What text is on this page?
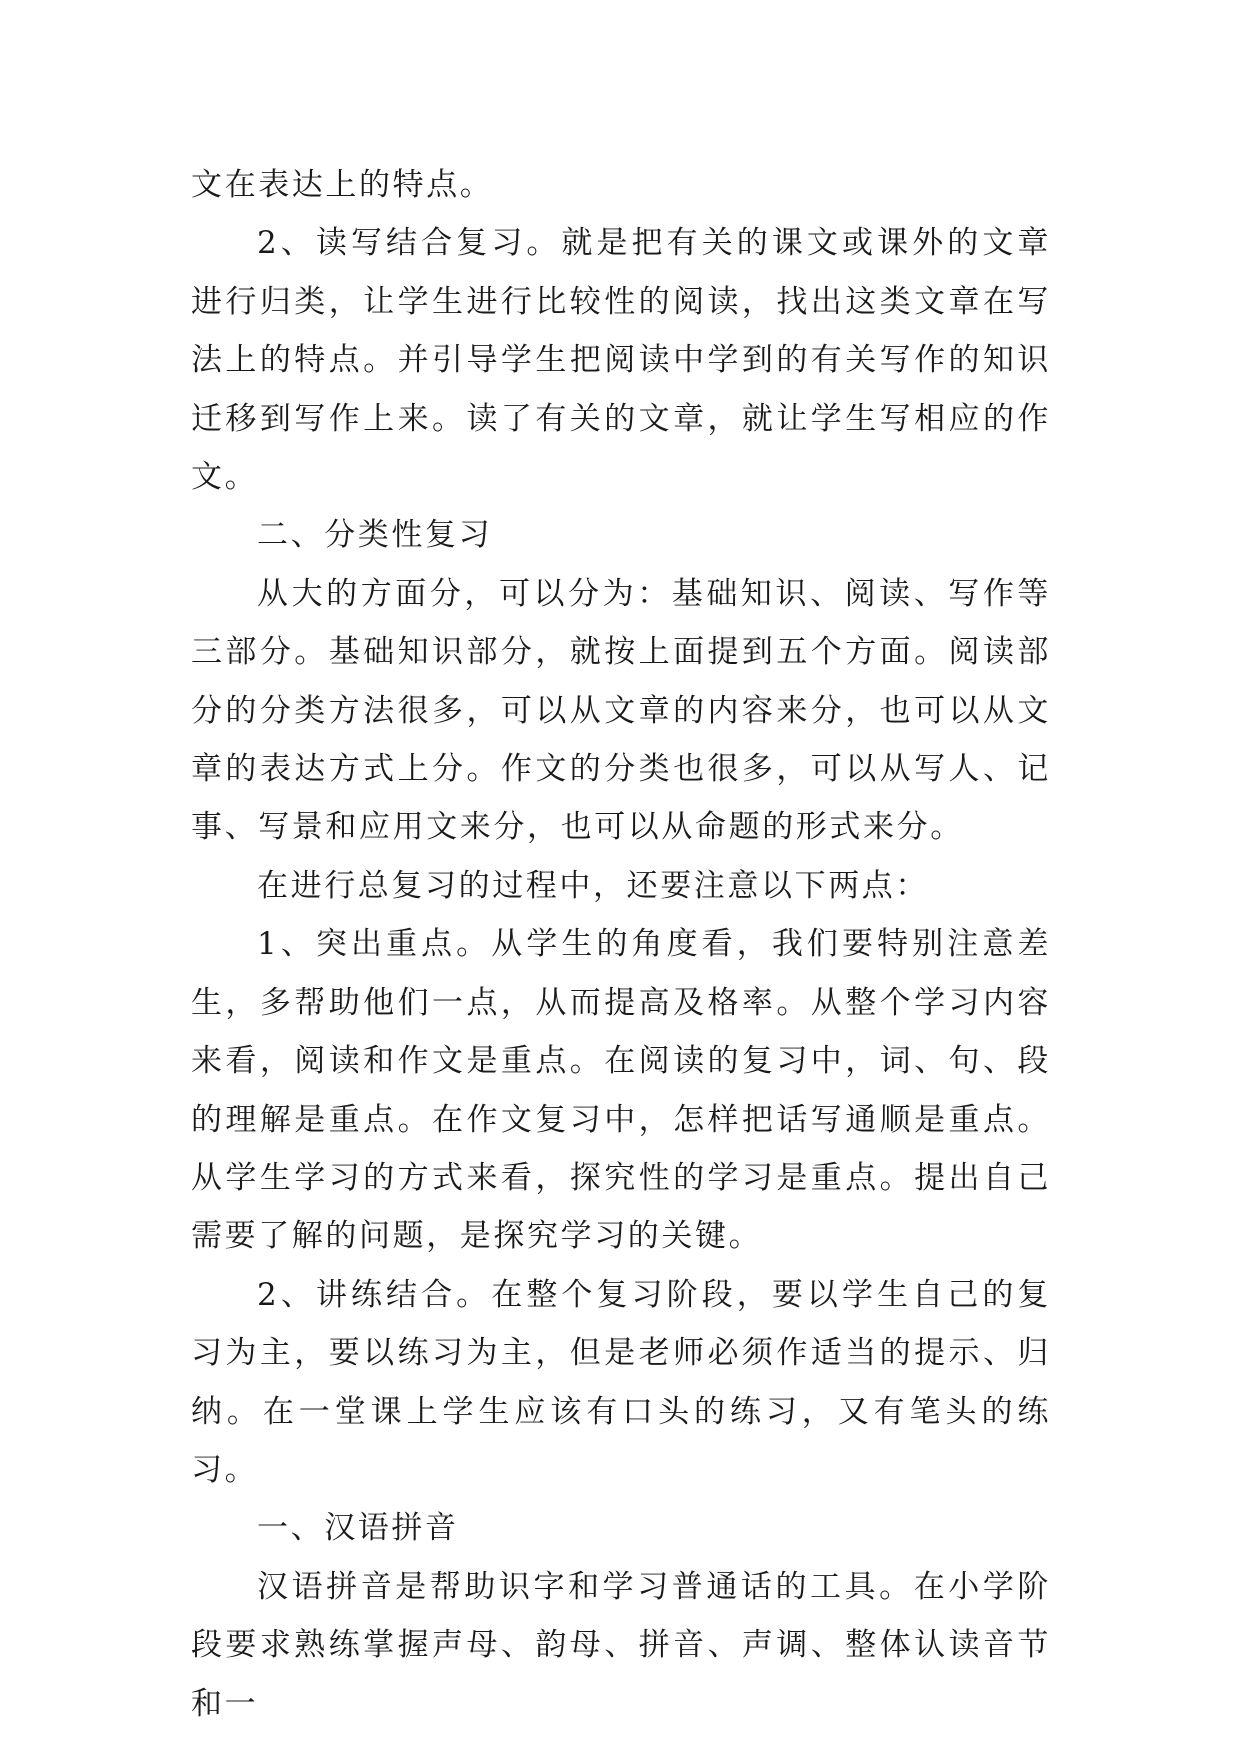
文在表达上的特点。

2、读写结合复习。就是把有关的课文或课外的文章进行归类，让学生进行比较性的阅读，找出这类文章在写法上的特点。并引导学生把阅读中学到的有关写作的知识迁移到写作上来。读了有关的文章，就让学生写相应的作文。

二、分类性复习

从大的方面分，可以分为：基础知识、阅读、写作等三部分。基础知识部分，就按上面提到五个方面。阅读部分的分类方法很多，可以从文章的内容来分，也可以从文章的表达方式上分。作文的分类也很多，可以从写人、记事、写景和应用文来分，也可以从命题的形式来分。

在进行总复习的过程中，还要注意以下两点：

1、突出重点。从学生的角度看，我们要特别注意差生，多帮助他们一点，从而提高及格率。从整个学习内容来看，阅读和作文是重点。在阅读的复习中，词、句、段的理解是重点。在作文复习中，怎样把话写通顺是重点。从学生学习的方式来看，探究性的学习是重点。提出自己需要了解的问题，是探究学习的关键。

2、讲练结合。在整个复习阶段，要以学生自己的复习为主，要以练习为主，但是老师必须作适当的提示、归纳。在一堂课上学生应该有口头的练习，又有笔头的练习。

一、汉语拼音

汉语拼音是帮助识字和学习普通话的工具。在小学阶段要求熟练掌握声母、韵母、拼音、声调、整体认读音节和一
